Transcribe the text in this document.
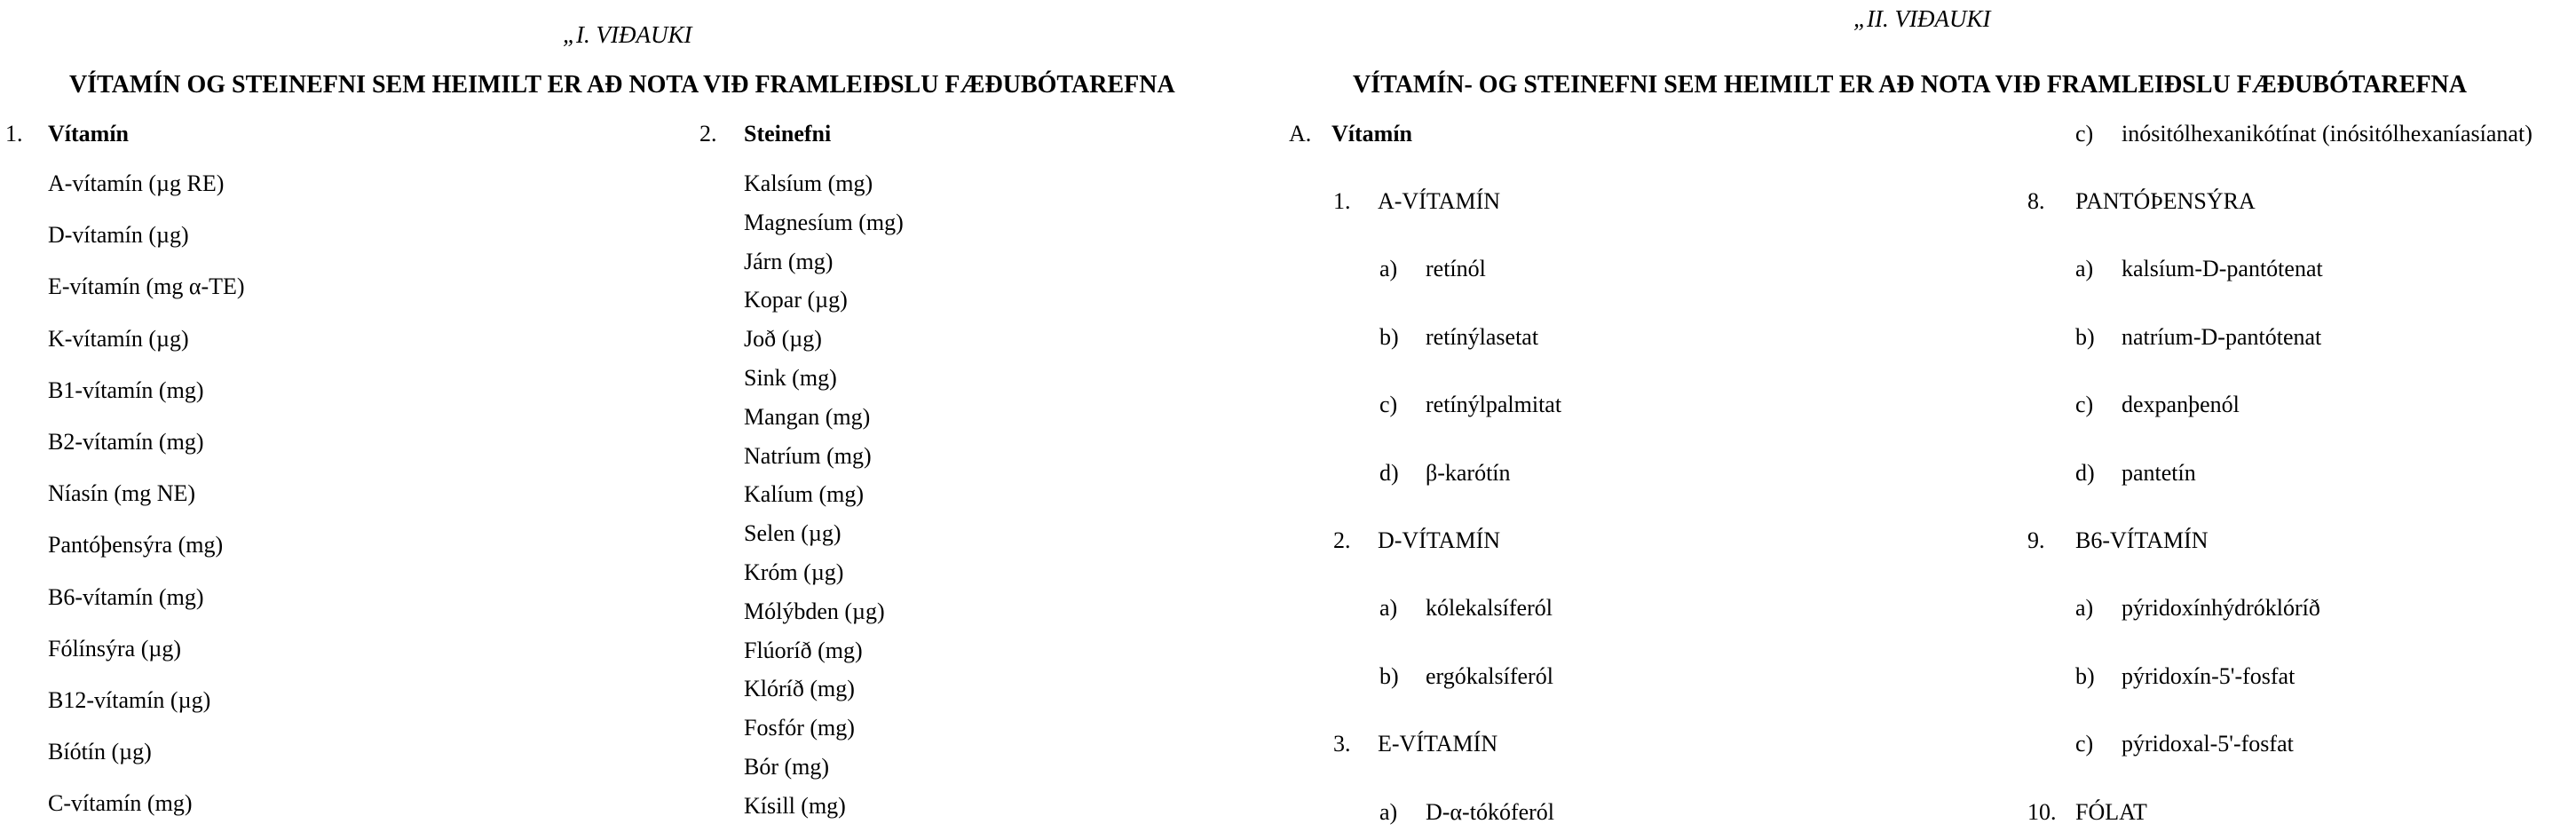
„I. VIÐAUKI
VÍTAMÍN OG STEINEFNI SEM HEIMILT ER AÐ NOTA VIÐ FRAMLEIÐSLU FÆÐUBÓTAREFNA
1. Vítamín
A-vítamín (µg RE)
D-vítamín (µg)
E-vítamín (mg α-TE)
K-vítamín (µg)
B1-vítamín (mg)
B2-vítamín (mg)
Níasín (mg NE)
Pantóþensýra (mg)
B6-vítamín (mg)
Fólínsýra (µg)
B12-vítamín (µg)
Bíótín (µg)
C-vítamín (mg)
2. Steinefni
Kalsíum (mg)
Magnesíum (mg)
Járn (mg)
Kopar (µg)
Joð (µg)
Sink (mg)
Mangan (mg)
Natríum (mg)
Kalíum (mg)
Selen (µg)
Króm (µg)
Mólýbden (µg)
Flúoríð (mg)
Klóríð (mg)
Fosfór (mg)
Bór (mg)
Kísill (mg)
„II. VIÐAUKI
VÍTAMÍN- OG STEINEFNI SEM HEIMILT ER AÐ NOTA VIÐ FRAMLEIÐSLU FÆÐUBÓTAREFNA
A. Vítamín
1. A-VÍTAMÍN
a) retínól
b) retínýlasetat
c) retínýlpalmitat
d) β-karótín
2. D-VÍTAMÍN
a) kólekalsíferól
b) ergókalsíferól
3. E-VÍTAMÍN
a) D-α-tókóferól
c) inósitólhexanikótínat (inósitólhexaníasíanat)
8. PANTÓÞENSÝRA
a) kalsíum-D-pantótenat
b) natríum-D-pantótenat
c) dexpanþenól
d) pantetín
9. B6-VÍTAMÍN
a) pýridoxínhýdróklóríð
b) pýridoxín-5'-fosfat
c) pýridoxal-5'-fosfat
10. FÓLAT
